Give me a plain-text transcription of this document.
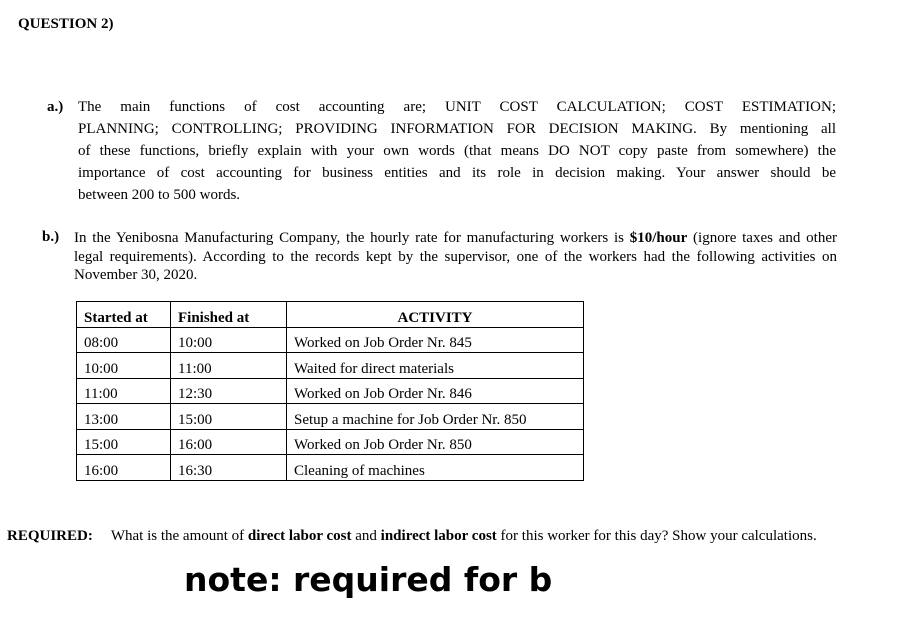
QUESTION 2)
a.) The main functions of cost accounting are; UNIT COST CALCULATION; COST ESTIMATION;
PLANNING; CONTROLLING; PROVIDING INFORMATION FOR DECISION MAKING. By mentioning all
of these functions, briefly explain with your own words (that means DO NOT copy paste from somewhere) the
importance of cost accounting for business entities and its role in decision making. Your answer should be
between 200 to 500 words.
b.) In the Yenibosna Manufacturing Company, the hourly rate for manufacturing workers is $10/hour (ignore taxes and other legal requirements). According to the records kept by the supervisor, one of the workers had the following activities on November 30, 2020.
Started at	Finished at	ACTIVITY
08:00	10:00	Worked on Job Order Nr. 845
10:00	11:00	Waited for direct materials
11:00	12:30	Worked on Job Order Nr. 846
13:00	15:00	Setup a machine for Job Order Nr. 850
15:00	16:00	Worked on Job Order Nr. 850
16:00	16:30	Cleaning of machines
REQUIRED: What is the amount of direct labor cost and indirect labor cost for this worker for this day? Show your calculations.
note: required for b
